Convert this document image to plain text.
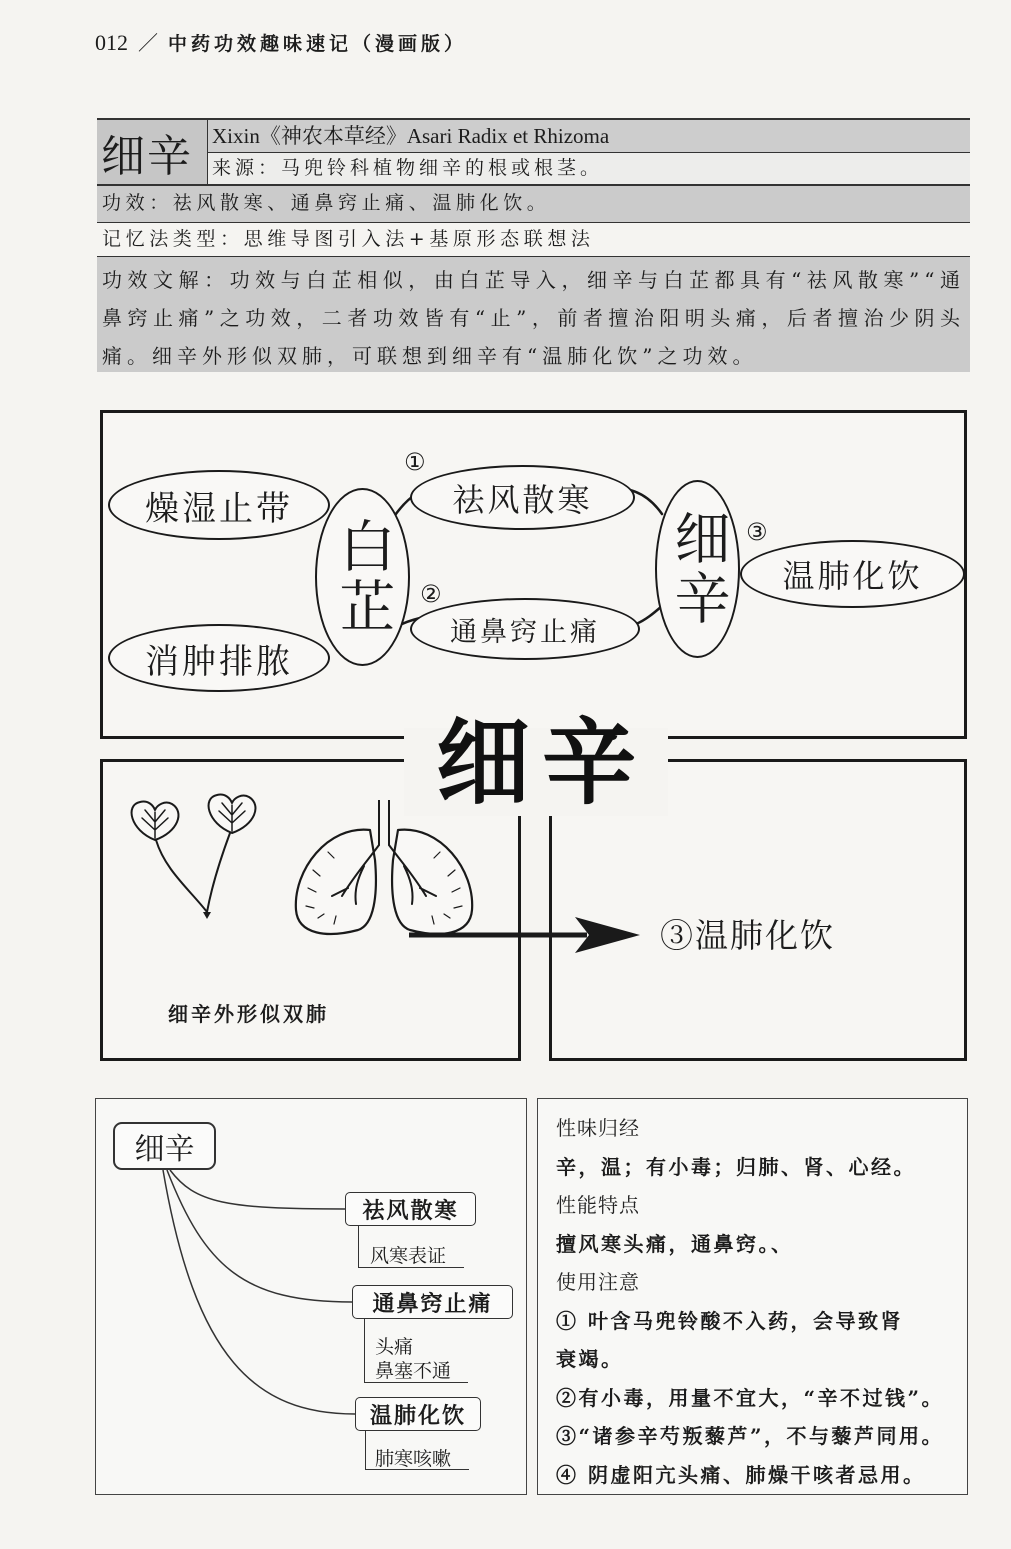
012 ／ 中药功效趣味速记（漫画版）
细辛 Xixin《神农本草经》Asari Radix et Rhizoma
来源：马兜铃科植物细辛的根或根茎。
功效：祛风散寒、通鼻窍止痛、温肺化饮。
记忆法类型：思维导图引入法+基原形态联想法
功效文解：功效与白芷相似，由白芷导入，细辛与白芷都具有“祛风散寒”“通鼻窍止痛”之功效，二者功效皆有“止”，前者擅治阳明头痛，后者擅治少阴头痛。细辛外形似双肺，可联想到细辛有“温肺化饮”之功效。
燥湿止带
消肿排脓
白芷
①
祛风散寒
②
通鼻窍止痛
细辛 ③
温肺化饮
细辛
细辛外形似双肺
③温肺化饮
细辛
祛风散寒
风寒表证
通鼻窍止痛
头痛
鼻塞不通
温肺化饮
肺寒咳嗽
性味归经
辛，温；有小毒；归肺、肾、心经。
性能特点
擅风寒头痛，通鼻窍。、
使用注意
① 叶含马兜铃酸不入药，会导致肾
衰竭。
②有小毒，用量不宜大，“辛不过钱”。
③“诸参辛芍叛藜芦”，不与藜芦同用。
④ 阴虚阳亢头痛、肺燥干咳者忌用。
